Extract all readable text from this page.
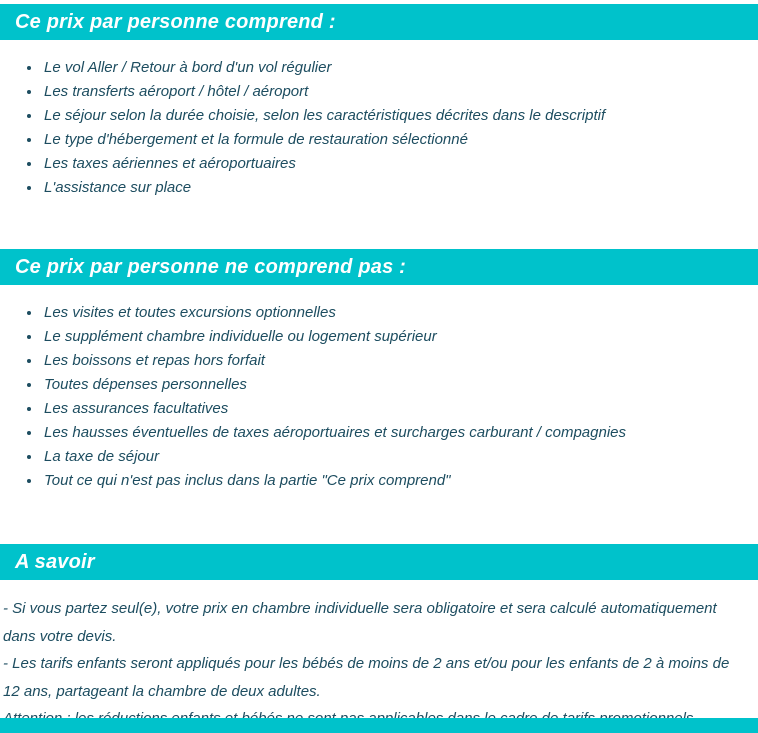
Ce prix par personne comprend :
• Le vol Aller / Retour à bord d'un vol régulier
• Les transferts aéroport / hôtel / aéroport
• Le séjour selon la durée choisie, selon les caractéristiques décrites dans le descriptif
• Le type d'hébergement et la formule de restauration sélectionné
• Les taxes aériennes et aéroportuaires
• L'assistance sur place
Ce prix par personne ne comprend pas :
• Les visites et toutes excursions optionnelles
• Le supplément chambre individuelle ou logement supérieur
• Les boissons et repas hors forfait
• Toutes dépenses personnelles
• Les assurances facultatives
• Les hausses éventuelles de taxes aéroportuaires et surcharges carburant / compagnies
• La taxe de séjour
• Tout ce qui n'est pas inclus dans la partie "Ce prix comprend"
A savoir

- Si vous partez seul(e), votre prix en chambre individuelle sera obligatoire et sera calculé automatiquement dans votre devis.

- Les tarifs enfants seront appliqués pour les bébés de moins de 2 ans et/ou pour les enfants de 2 à moins de 12 ans, partageant la chambre de deux adultes.
